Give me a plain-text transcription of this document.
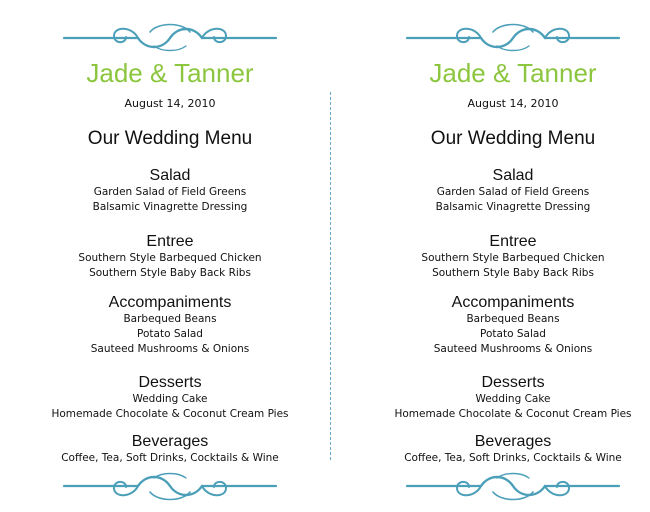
Jade & Tanner
August 14, 2010
Our Wedding Menu
Salad
Garden Salad of Field Greens
Balsamic Vinagrette Dressing
Entree
Southern Style Barbequed Chicken
Southern Style Baby Back Ribs
Accompaniments
Barbequed Beans
Potato Salad
Sauteed Mushrooms & Onions
Desserts
Wedding Cake
Homemade Chocolate & Coconut Cream Pies
Beverages
Coffee, Tea, Soft Drinks, Cocktails & Wine
Jade & Tanner
August 14, 2010
Our Wedding Menu
Salad
Garden Salad of Field Greens
Balsamic Vinagrette Dressing
Entree
Southern Style Barbequed Chicken
Southern Style Baby Back Ribs
Accompaniments
Barbequed Beans
Potato Salad
Sauteed Mushrooms & Onions
Desserts
Wedding Cake
Homemade Chocolate & Coconut Cream Pies
Beverages
Coffee, Tea, Soft Drinks, Cocktails & Wine
